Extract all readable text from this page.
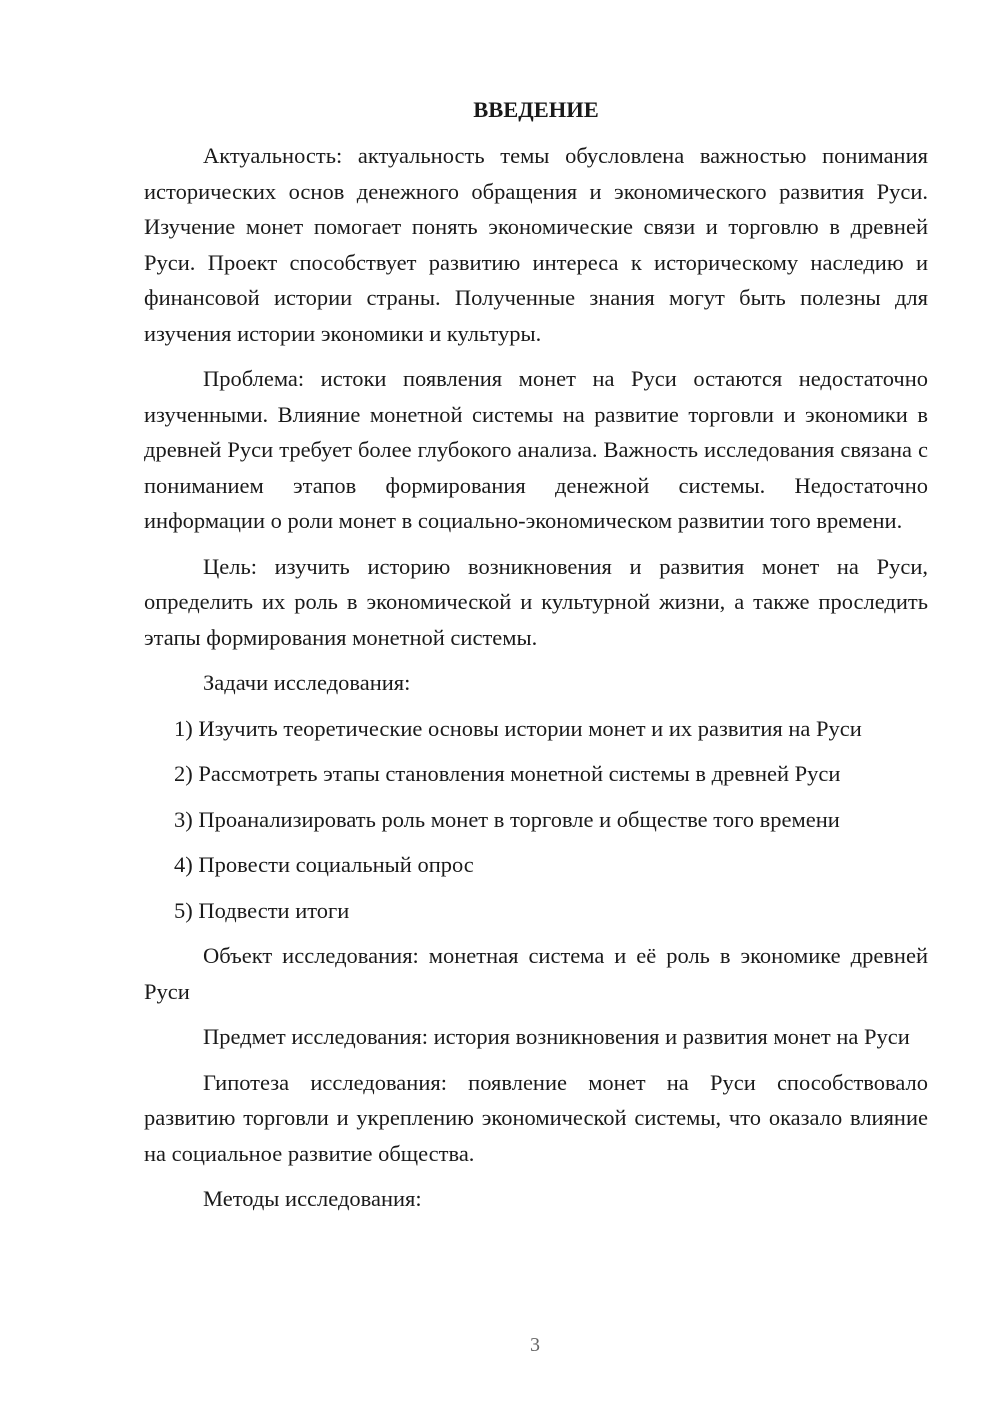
ВВЕДЕНИЕ

Актуальность: актуальность темы обусловлена важностью понимания исторических основ денежного обращения и экономического развития Руси. Изучение монет помогает понять экономические связи и торговлю в древней Руси. Проект способствует развитию интереса к историческому наследию и финансовой истории страны. Полученные знания могут быть полезны для изучения истории экономики и культуры.

Проблема: истоки появления монет на Руси остаются недостаточно изученными. Влияние монетной системы на развитие торговли и экономики в древней Руси требует более глубокого анализа. Важность исследования связана с пониманием этапов формирования денежной системы. Недостаточно информации о роли монет в социально-экономическом развитии того времени.

Цель: изучить историю возникновения и развития монет на Руси, определить их роль в экономической и культурной жизни, а также проследить этапы формирования монетной системы.

Задачи исследования:

1) Изучить теоретические основы истории монет и их развития на Руси

2) Рассмотреть этапы становления монетной системы в древней Руси

3) Проанализировать роль монет в торговле и обществе того времени

4) Провести социальный опрос

5) Подвести итоги

Объект исследования: монетная система и её роль в экономике древней Руси

Предмет исследования: история возникновения и развития монет на Руси

Гипотеза исследования: появление монет на Руси способствовало развитию торговли и укреплению экономической системы, что оказало влияние на социальное развитие общества.

Методы исследования:

3
